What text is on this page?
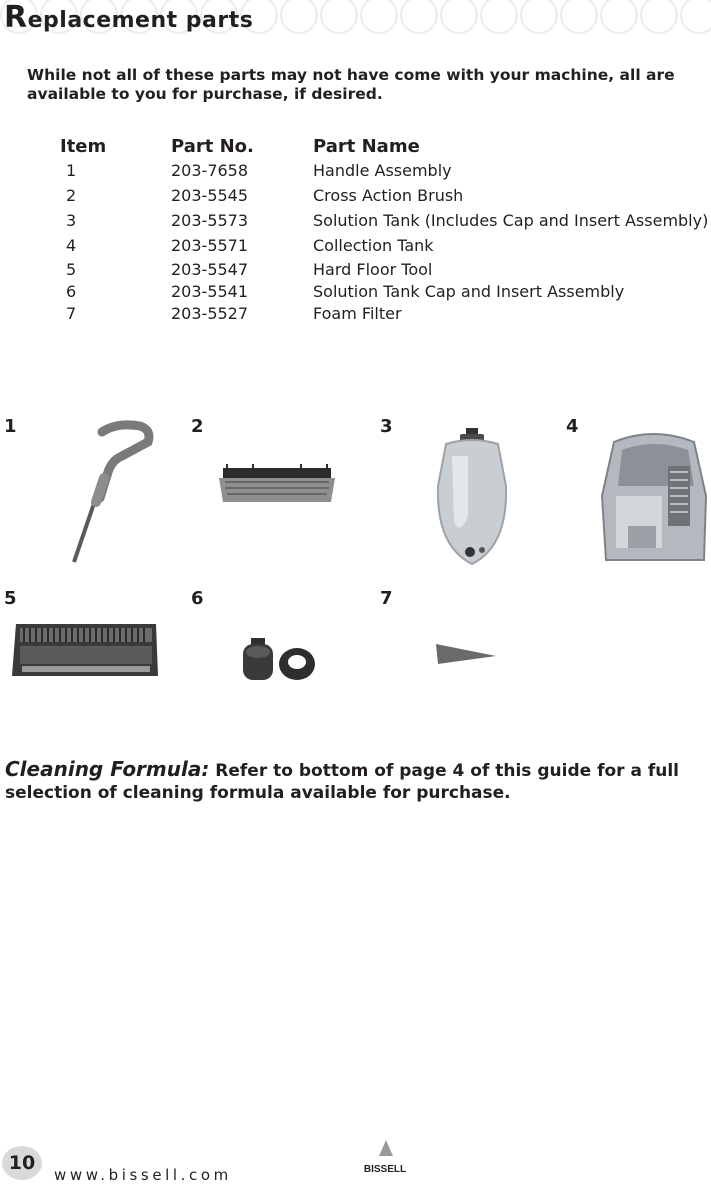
Replacement parts
While not all of these parts may not have come with your machine, all are available to you for purchase, if desired.
Item	Part No.	Part Name
1	203-7658	Handle Assembly
2	203-5545	Cross Action Brush
3	203-5573	Solution Tank (Includes Cap and Insert Assembly)
4	203-5571	Collection Tank
5	203-5547	Hard Floor Tool
6	203-5541	Solution Tank Cap and Insert Assembly
7	203-5527	Foam Filter
1	2	3	4
5	6	7
Cleaning Formula: Refer to bottom of page 4 of this guide for a full selection of cleaning formula available for purchase.
10
www.bissell.com	BISSELL
